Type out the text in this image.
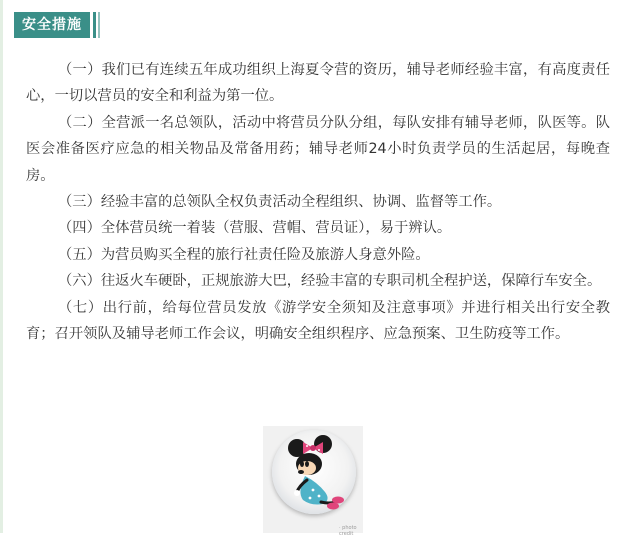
安全措施

（一）我们已有连续五年成功组织上海夏令营的资历，辅导老师经验丰富，有高度责任心，一切以营员的安全和利益为第一位。

（二）全营派一名总领队，活动中将营员分队分组，每队安排有辅导老师，队医等。队医会准备医疗应急的相关物品及常备用药；辅导老师24小时负责学员的生活起居，每晚查房。

（三）经验丰富的总领队全权负责活动全程组织、协调、监督等工作。

（四）全体营员统一着装（营服、营帽、营员证），易于辨认。

（五）为营员购买全程的旅行社责任险及旅游人身意外险。

（六）往返火车硬卧，正规旅游大巴，经验丰富的专职司机全程护送，保障行车安全。

（七）出行前，给每位营员发放《游学安全须知及注意事项》并进行相关出行安全教育；召开领队及辅导老师工作会议，明确安全组织程序、应急预案、卫生防疫等工作。

· photo credit
